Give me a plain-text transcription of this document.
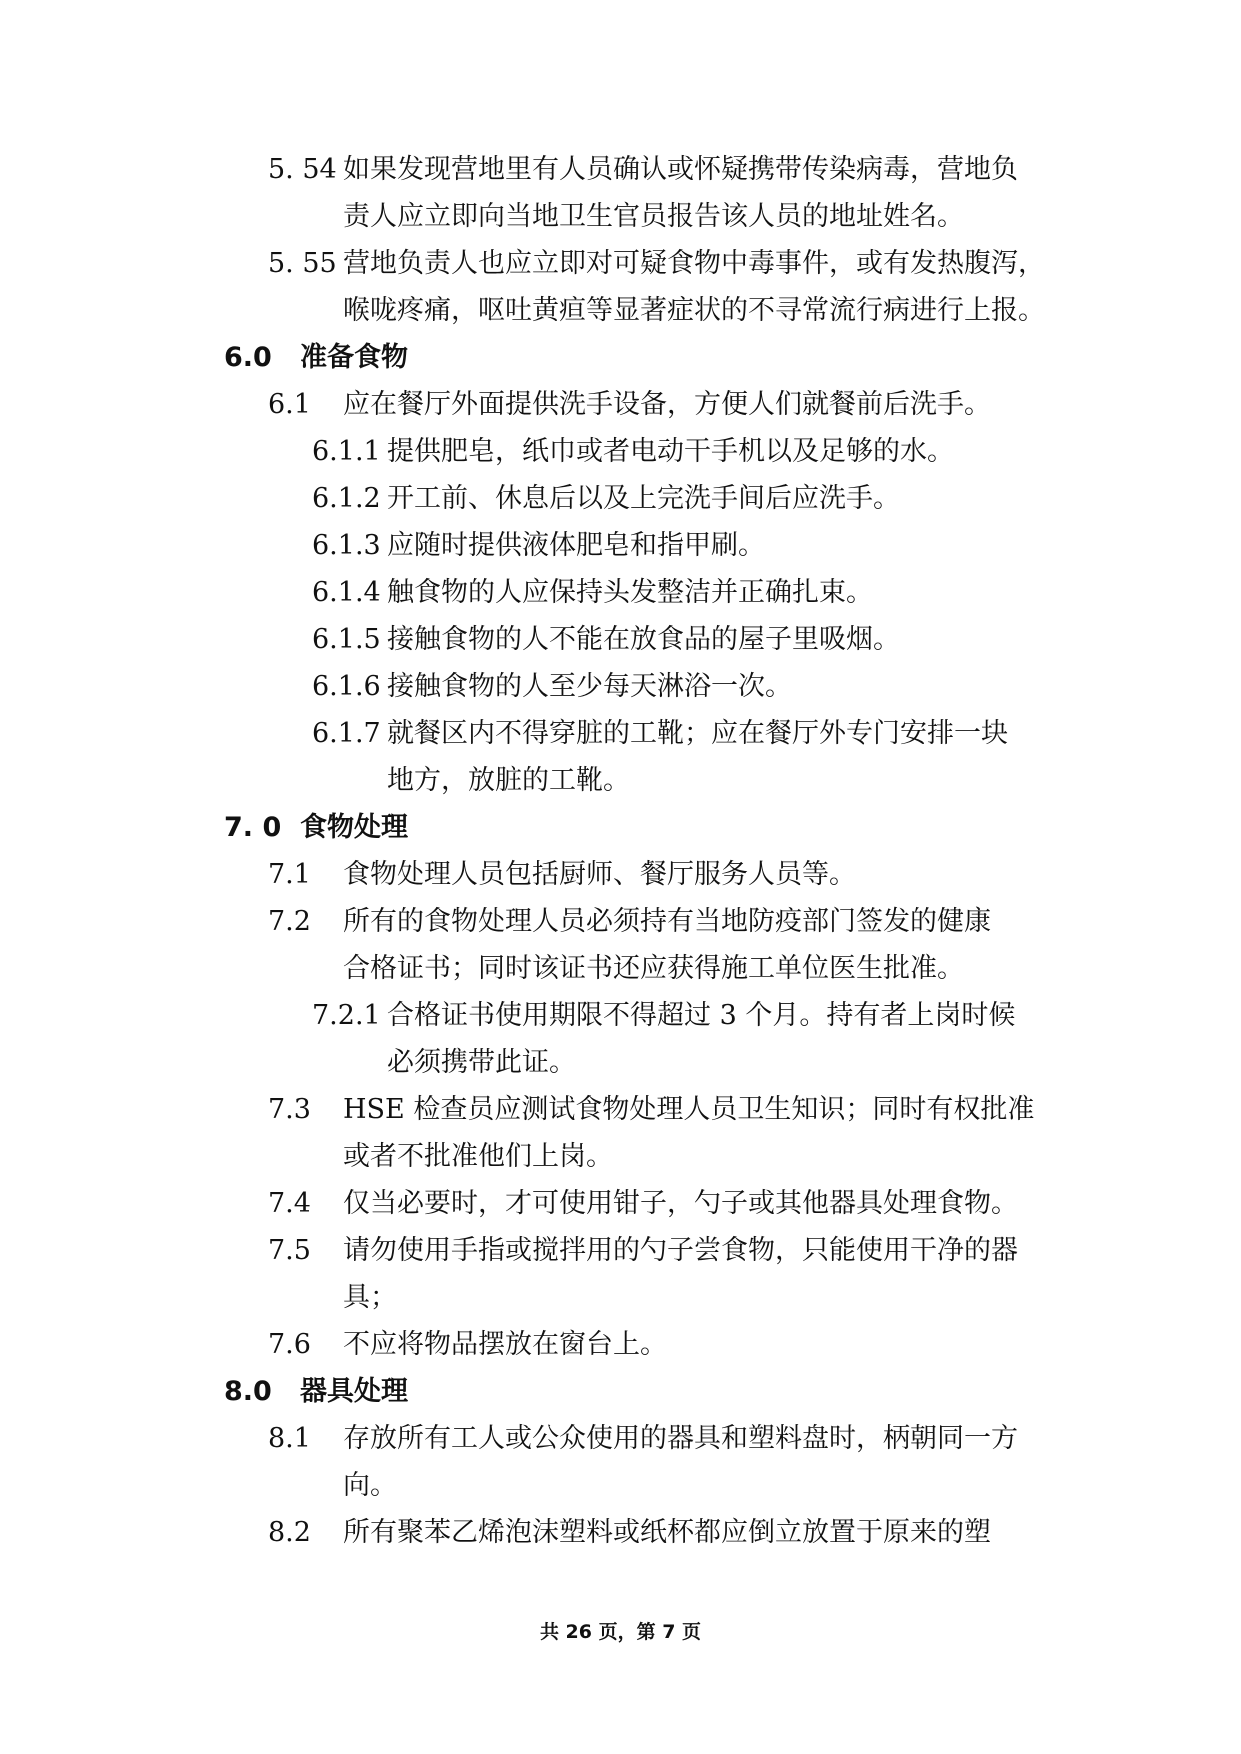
5. 54 如果发现营地里有人员确认或怀疑携带传染病毒，营地负
责人应立即向当地卫生官员报告该人员的地址姓名。
5. 55 营地负责人也应立即对可疑食物中毒事件，或有发热腹泻，
喉咙疼痛，呕吐黄疸等显著症状的不寻常流行病进行上报。
6.0 准备食物
6.1 应在餐厅外面提供洗手设备，方便人们就餐前后洗手。
6.1.1 提供肥皂，纸巾或者电动干手机以及足够的水。
6.1.2 开工前、休息后以及上完洗手间后应洗手。
6.1.3 应随时提供液体肥皂和指甲刷。
6.1.4 触食物的人应保持头发整洁并正确扎束。
6.1.5 接触食物的人不能在放食品的屋子里吸烟。
6.1.6 接触食物的人至少每天淋浴一次。
6.1.7 就餐区内不得穿脏的工靴；应在餐厅外专门安排一块
地方，放脏的工靴。
7. 0 食物处理
7.1 食物处理人员包括厨师、餐厅服务人员等。
7.2 所有的食物处理人员必须持有当地防疫部门签发的健康
合格证书；同时该证书还应获得施工单位医生批准。
7.2.1 合格证书使用期限不得超过 3 个月。持有者上岗时候
必须携带此证。
7.3 HSE 检查员应测试食物处理人员卫生知识；同时有权批准
或者不批准他们上岗。
7.4 仅当必要时，才可使用钳子，勺子或其他器具处理食物。
7.5 请勿使用手指或搅拌用的勺子尝食物，只能使用干净的器
具；
7.6 不应将物品摆放在窗台上。
8.0 器具处理
8.1 存放所有工人或公众使用的器具和塑料盘时，柄朝同一方
向。
8.2 所有聚苯乙烯泡沫塑料或纸杯都应倒立放置于原来的塑
共 26 页，第 7 页
